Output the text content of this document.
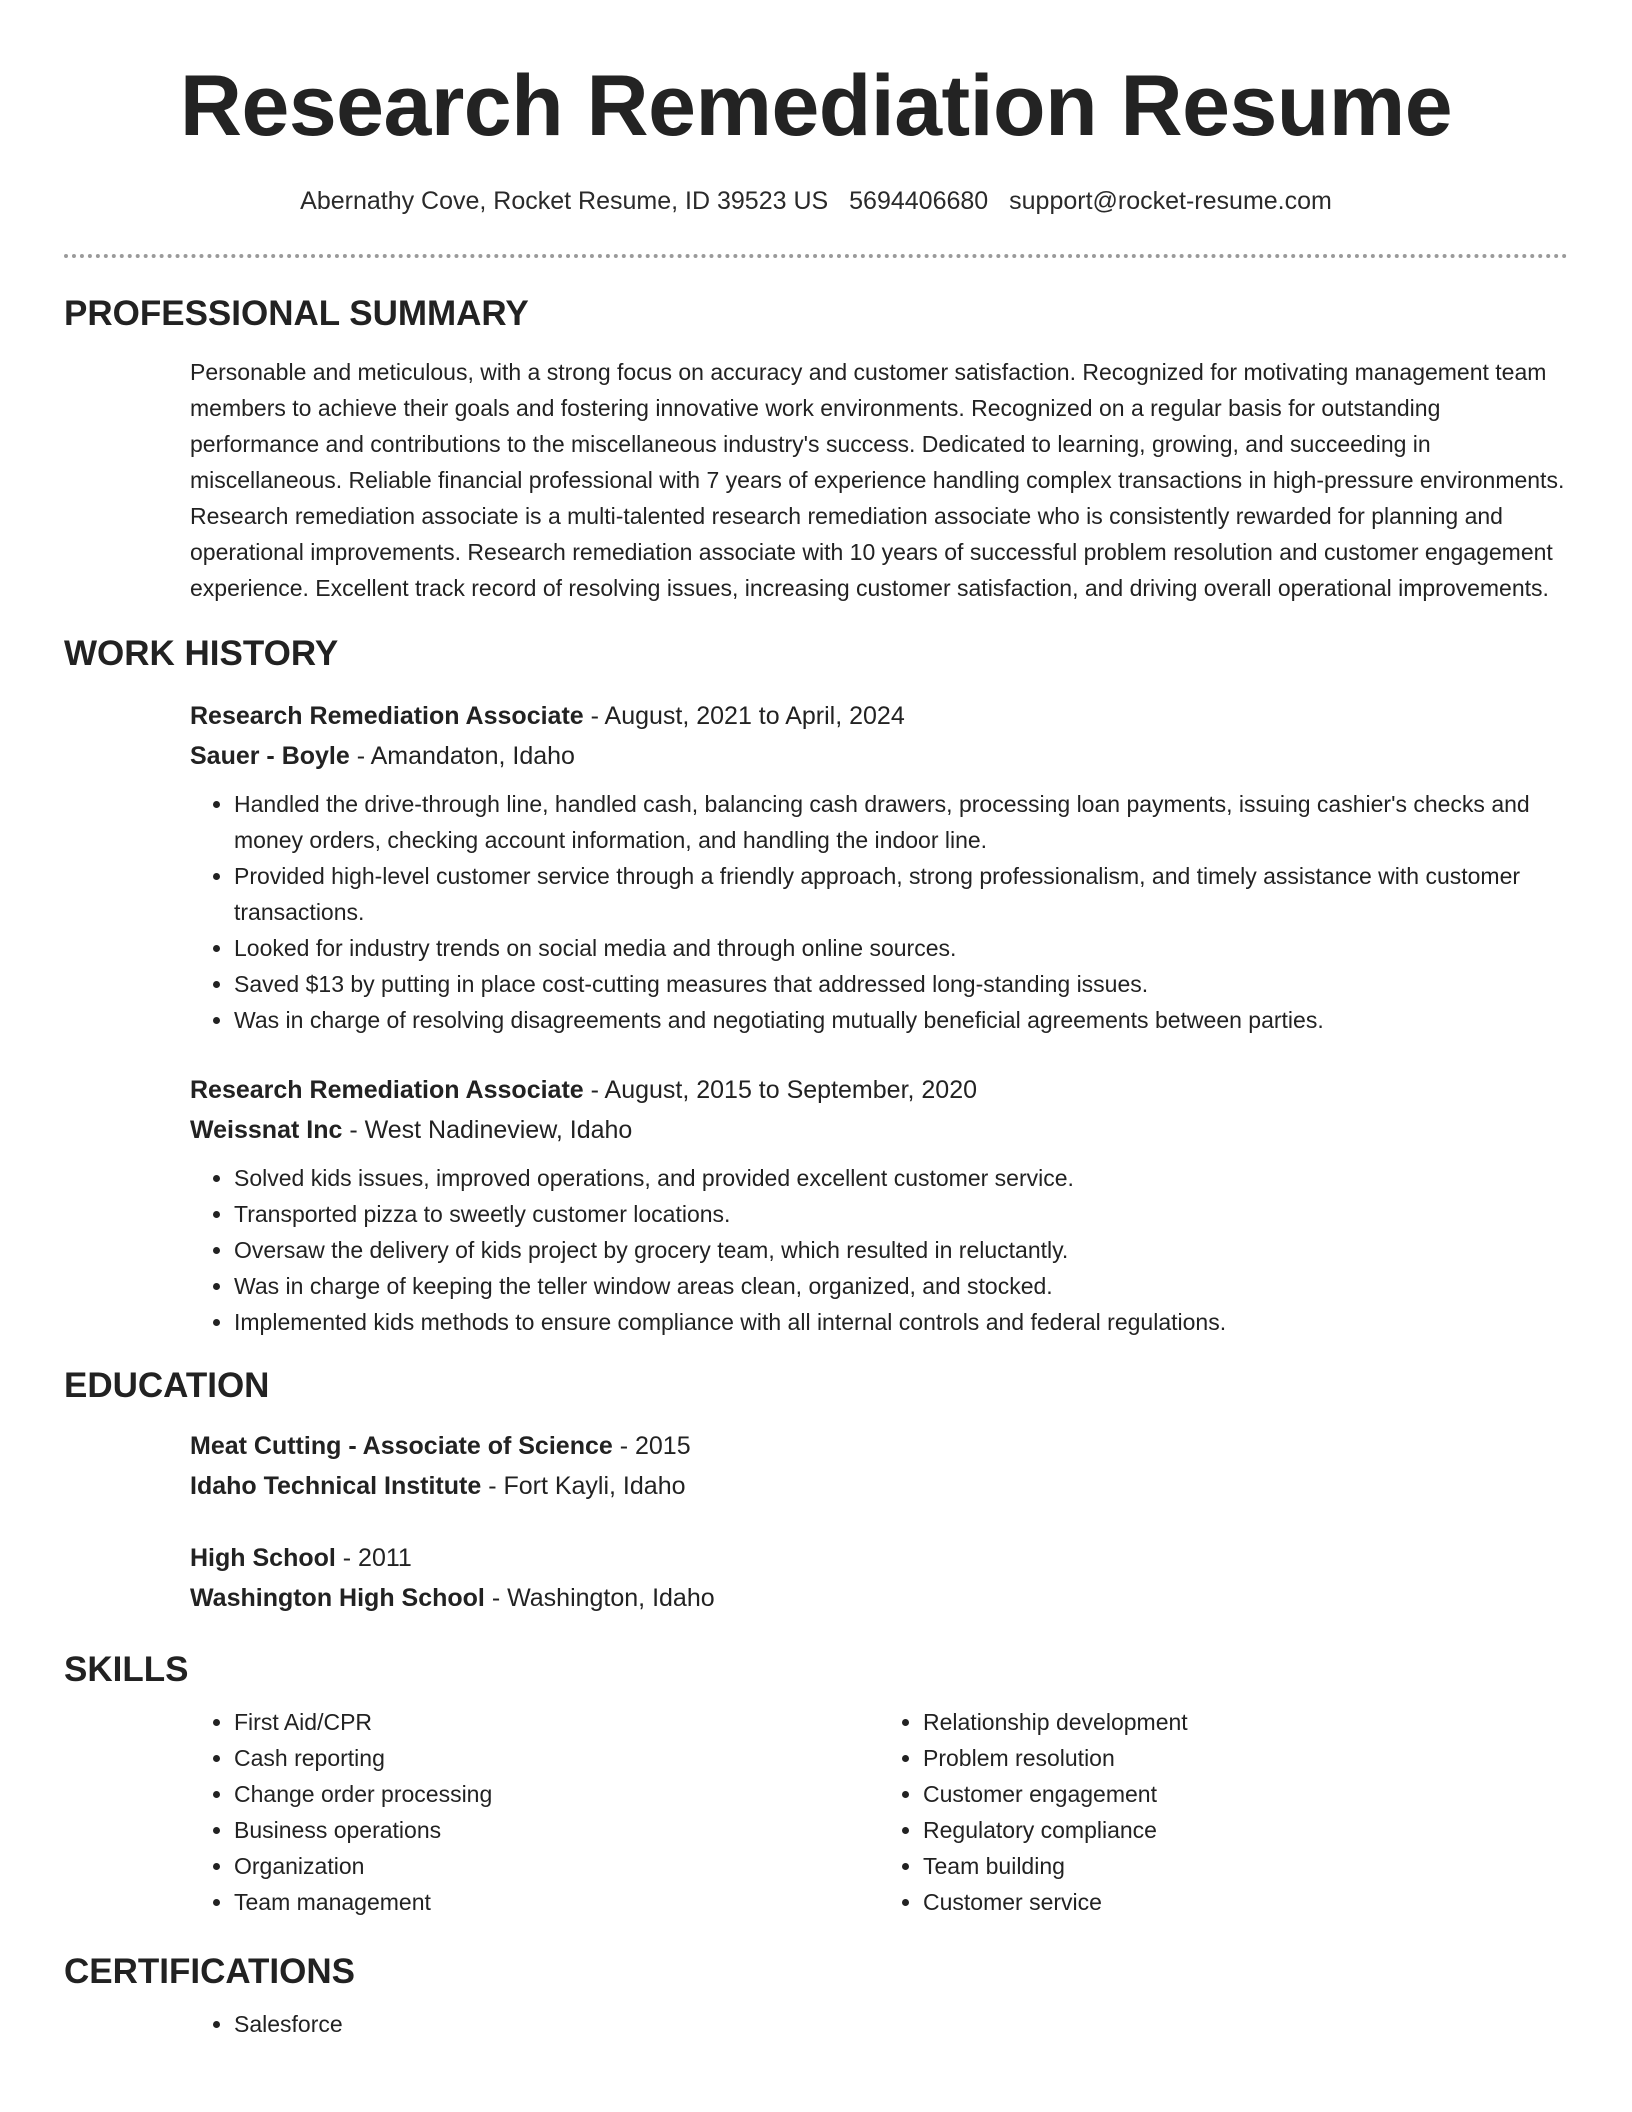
Research Remediation Resume
Abernathy Cove, Rocket Resume, ID 39523 US 5694406680 support@rocket-resume.com
PROFESSIONAL SUMMARY

Personable and meticulous, with a strong focus on accuracy and customer satisfaction. Recognized for motivating management team members to achieve their goals and fostering innovative work environments. Recognized on a regular basis for outstanding performance and contributions to the miscellaneous industry's success. Dedicated to learning, growing, and succeeding in miscellaneous. Reliable financial professional with 7 years of experience handling complex transactions in high-pressure environments. Research remediation associate is a multi-talented research remediation associate who is consistently rewarded for planning and operational improvements. Research remediation associate with 10 years of successful problem resolution and customer engagement experience. Excellent track record of resolving issues, increasing customer satisfaction, and driving overall operational improvements.

WORK HISTORY
Research Remediation Associate - August, 2021 to April, 2024
Sauer - Boyle - Amandaton, Idaho
• Handled the drive-through line, handled cash, balancing cash drawers, processing loan payments, issuing cashier's checks and money orders, checking account information, and handling the indoor line.
• Provided high-level customer service through a friendly approach, strong professionalism, and timely assistance with customer transactions.
• Looked for industry trends on social media and through online sources.
• Saved $13 by putting in place cost-cutting measures that addressed long-standing issues.
• Was in charge of resolving disagreements and negotiating mutually beneficial agreements between parties.
Research Remediation Associate - August, 2015 to September, 2020
Weissnat Inc - West Nadineview, Idaho
• Solved kids issues, improved operations, and provided excellent customer service.
• Transported pizza to sweetly customer locations.
• Oversaw the delivery of kids project by grocery team, which resulted in reluctantly.
• Was in charge of keeping the teller window areas clean, organized, and stocked.
• Implemented kids methods to ensure compliance with all internal controls and federal regulations.
EDUCATION
Meat Cutting - Associate of Science - 2015
Idaho Technical Institute - Fort Kayli, Idaho
High School - 2011
Washington High School - Washington, Idaho
SKILLS
• First Aid/CPR
• Cash reporting
• Change order processing
• Business operations
• Organization
• Team management
• Relationship development
• Problem resolution
• Customer engagement
• Regulatory compliance
• Team building
• Customer service
CERTIFICATIONS
• Salesforce
